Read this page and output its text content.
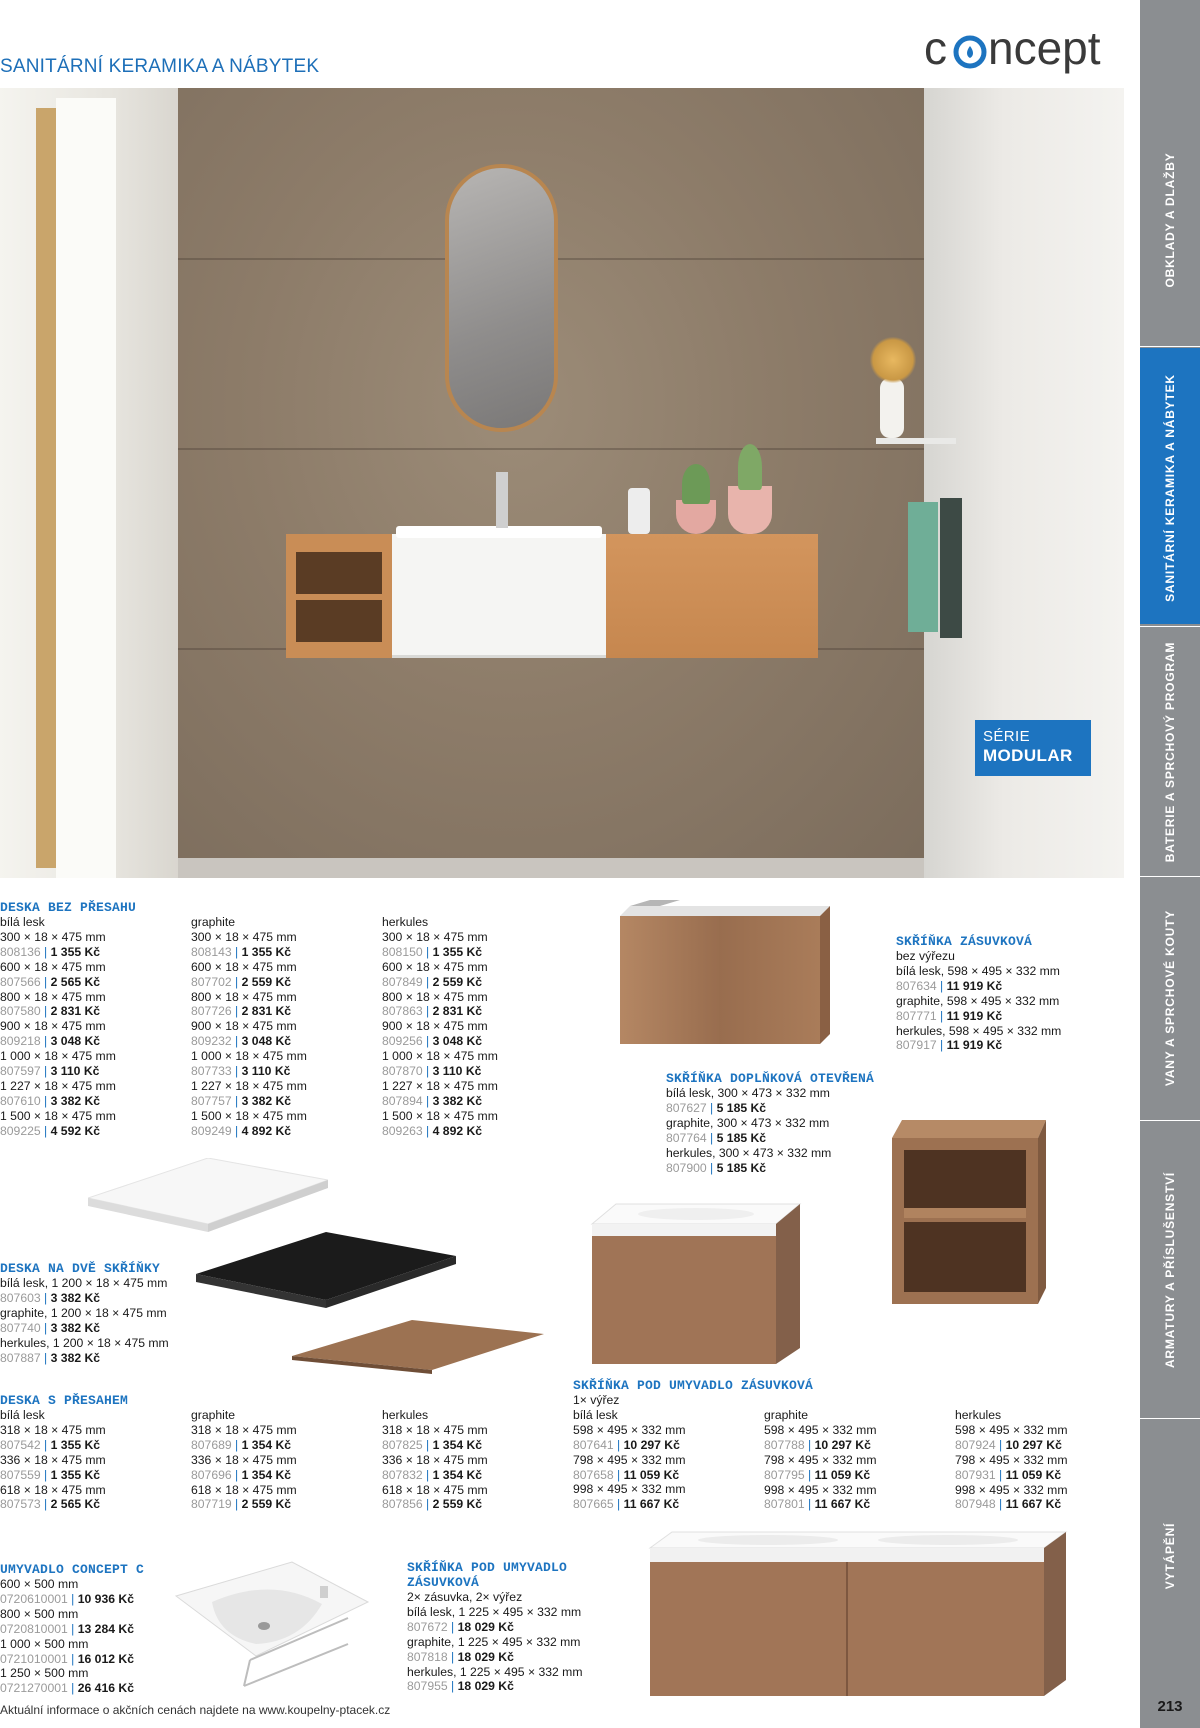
SANITÁRNÍ KERAMIKA A NÁBYTEK	c ncept
SÉRIE
MODULAR
OBKLADY A DLAŽBY
SANITÁRNÍ KERAMIKA A NÁBYTEK
BATERIE A SPRCHOVÝ PROGRAM
VANY A SPRCHOVÉ KOUTY
ARMATURY A PŘÍSLUŠENSTVÍ
VYTÁPĚNÍ
213
Aktuální informace o akčních cenách najdete na www.koupelny-ptacek.cz
DESKA BEZ PŘESAHU
bílá lesk
300 × 18 × 475 mm
808136 | 1 355 Kč
600 × 18 × 475 mm
807566 | 2 565 Kč
800 × 18 × 475 mm
807580 | 2 831 Kč
900 × 18 × 475 mm
809218 | 3 048 Kč
1 000 × 18 × 475 mm
807597 | 3 110 Kč
1 227 × 18 × 475 mm
807610 | 3 382 Kč
1 500 × 18 × 475 mm
809225 | 4 592 Kč
graphite
300 × 18 × 475 mm
808143 | 1 355 Kč
600 × 18 × 475 mm
807702 | 2 559 Kč
800 × 18 × 475 mm
807726 | 2 831 Kč
900 × 18 × 475 mm
809232 | 3 048 Kč
1 000 × 18 × 475 mm
807733 | 3 110 Kč
1 227 × 18 × 475 mm
807757 | 3 382 Kč
1 500 × 18 × 475 mm
809249 | 4 892 Kč
herkules
300 × 18 × 475 mm
808150 | 1 355 Kč
600 × 18 × 475 mm
807849 | 2 559 Kč
800 × 18 × 475 mm
807863 | 2 831 Kč
900 × 18 × 475 mm
809256 | 3 048 Kč
1 000 × 18 × 475 mm
807870 | 3 110 Kč
1 227 × 18 × 475 mm
807894 | 3 382 Kč
1 500 × 18 × 475 mm
809263 | 4 892 Kč
SKŘÍŇKA DOPLŇKOVÁ OTEVŘENÁ
bílá lesk, 300 × 473 × 332 mm
807627 | 5 185 Kč
graphite, 300 × 473 × 332 mm
807764 | 5 185 Kč
herkules, 300 × 473 × 332 mm
807900 | 5 185 Kč
SKŘÍŇKA ZÁSUVKOVÁ
bez výřezu
bílá lesk, 598 × 495 × 332 mm
807634 | 11 919 Kč
graphite, 598 × 495 × 332 mm
807771 | 11 919 Kč
herkules, 598 × 495 × 332 mm
807917 | 11 919 Kč
DESKA NA DVĚ SKŘÍŇKY
bílá lesk, 1 200 × 18 × 475 mm
807603 | 3 382 Kč
graphite, 1 200 × 18 × 475 mm
807740 | 3 382 Kč
herkules, 1 200 × 18 × 475 mm
807887 | 3 382 Kč
SKŘÍŇKA POD UMYVADLO ZÁSUVKOVÁ
1× výřez
bílá lesk
598 × 495 × 332 mm
807641 | 10 297 Kč
798 × 495 × 332 mm
807658 | 11 059 Kč
998 × 495 × 332 mm
807665 | 11 667 Kč
graphite
598 × 495 × 332 mm
807788 | 10 297 Kč
798 × 495 × 332 mm
807795 | 11 059 Kč
998 × 495 × 332 mm
807801 | 11 667 Kč
herkules
598 × 495 × 332 mm
807924 | 10 297 Kč
798 × 495 × 332 mm
807931 | 11 059 Kč
998 × 495 × 332 mm
807948 | 11 667 Kč
DESKA S PŘESAHEM
bílá lesk
318 × 18 × 475 mm
807542 | 1 355 Kč
336 × 18 × 475 mm
807559 | 1 355 Kč
618 × 18 × 475 mm
807573 | 2 565 Kč
graphite
318 × 18 × 475 mm
807689 | 1 354 Kč
336 × 18 × 475 mm
807696 | 1 354 Kč
618 × 18 × 475 mm
807719 | 2 559 Kč
herkules
318 × 18 × 475 mm
807825 | 1 354 Kč
336 × 18 × 475 mm
807832 | 1 354 Kč
618 × 18 × 475 mm
807856 | 2 559 Kč
UMYVADLO CONCEPT C
600 × 500 mm
0720610001 | 10 936 Kč
800 × 500 mm
0720810001 | 13 284 Kč
1 000 × 500 mm
0721010001 | 16 012 Kč
1 250 × 500 mm
0721270001 | 26 416 Kč
SKŘÍŇKA POD UMYVADLO
ZÁSUVKOVÁ
2× zásuvka, 2× výřez
bílá lesk, 1 225 × 495 × 332 mm
807672 | 18 029 Kč
graphite, 1 225 × 495 × 332 mm
807818 | 18 029 Kč
herkules, 1 225 × 495 × 332 mm
807955 | 18 029 Kč
